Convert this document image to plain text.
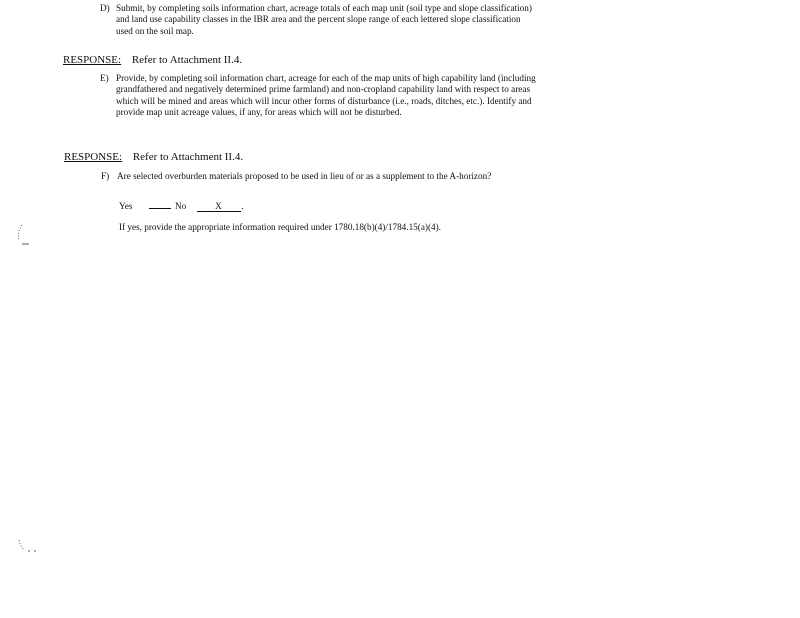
D) Submit, by completing soils information chart, acreage totals of each map unit (soil type and slope classification) and land use capability classes in the IBR area and the percent slope range of each lettered slope classification used on the soil map.
RESPONSE: Refer to Attachment II.4.
E) Provide, by completing soil information chart, acreage for each of the map units of high capability land (including grandfathered and negatively determined prime farmland) and non-cropland capability land with respect to areas which will be mined and areas which will incur other forms of disturbance (i.e., roads, ditches, etc.). Identify and provide map unit acreage values, if any, for areas which will not be disturbed.
RESPONSE: Refer to Attachment II.4.
F) Are selected overburden materials proposed to be used in lieu of or as a supplement to the A-horizon?
Yes	No	X .
If yes, provide the appropriate information required under 1780.18(b)(4)/1784.15(a)(4).
